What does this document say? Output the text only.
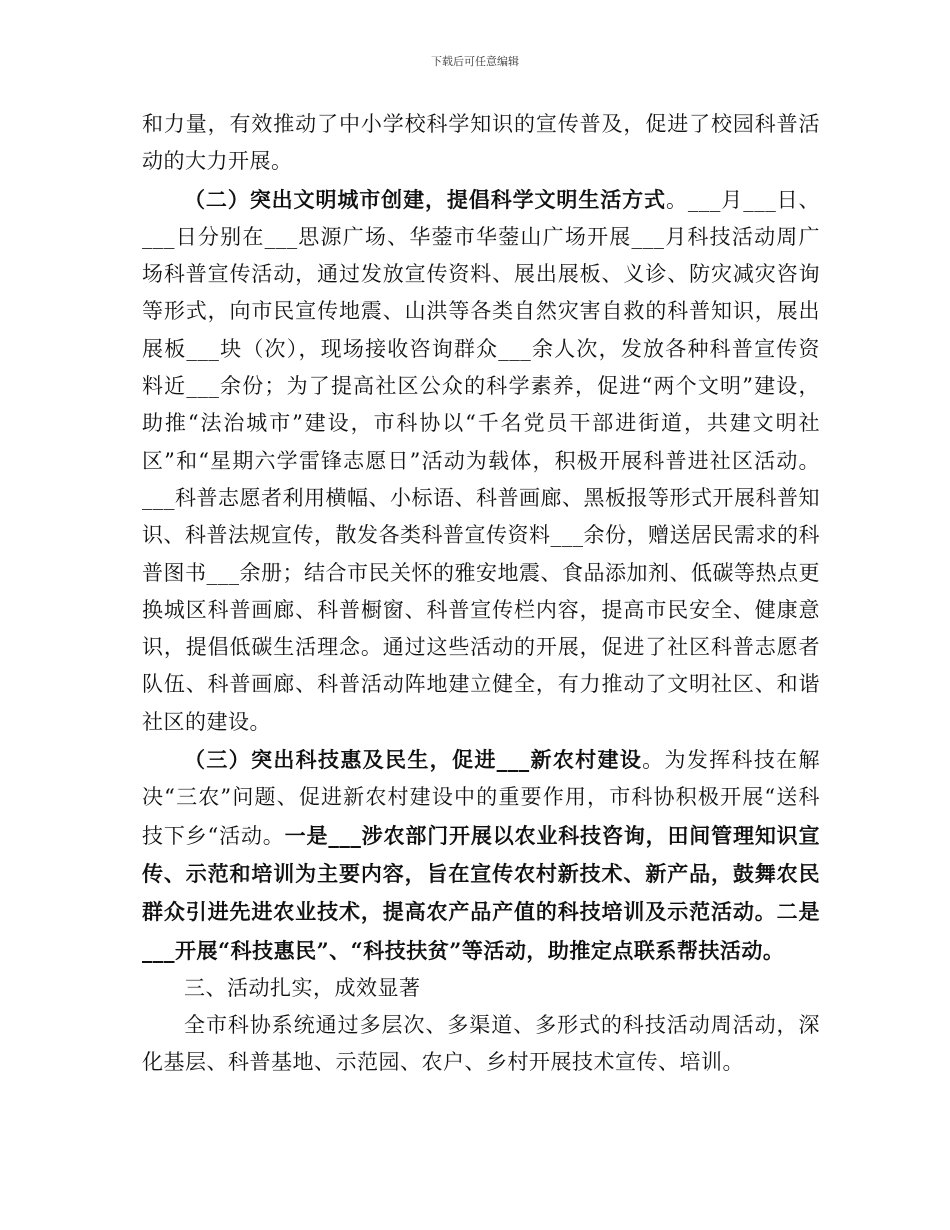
下载后可任意编辑

和力量，有效推动了中小学校科学知识的宣传普及，促进了校园科普活动的大力开展。

（二）突出文明城市创建，提倡科学文明生活方式。___月___日、___日分别在___思源广场、华蓥市华蓥山广场开展___月科技活动周广场科普宣传活动，通过发放宣传资料、展出展板、义诊、防灾减灾咨询等形式，向市民宣传地震、山洪等各类自然灾害自救的科普知识，展出展板___块（次），现场接收咨询群众___余人次，发放各种科普宣传资料近___余份；为了提高社区公众的科学素养，促进“两个文明”建设，助推“法治城市”建设，市科协以“千名党员干部进街道，共建文明社区”和“星期六学雷锋志愿日”活动为载体，积极开展科普进社区活动。___科普志愿者利用横幅、小标语、科普画廊、黑板报等形式开展科普知识、科普法规宣传，散发各类科普宣传资料___余份，赠送居民需求的科普图书___余册；结合市民关怀的雅安地震、食品添加剂、低碳等热点更换城区科普画廊、科普橱窗、科普宣传栏内容，提高市民安全、健康意识，提倡低碳生活理念。通过这些活动的开展，促进了社区科普志愿者队伍、科普画廊、科普活动阵地建立健全，有力推动了文明社区、和谐社区的建设。

（三）突出科技惠及民生，促进___新农村建设。为发挥科技在解决“三农”问题、促进新农村建设中的重要作用，市科协积极开展“送科技下乡“活动。一是___涉农部门开展以农业科技咨询，田间管理知识宣传、示范和培训为主要内容，旨在宣传农村新技术、新产品，鼓舞农民群众引进先进农业技术，提高农产品产值的科技培训及示范活动。二是___开展“科技惠民”、“科技扶贫”等活动，助推定点联系帮扶活动。

三、活动扎实，成效显著

全市科协系统通过多层次、多渠道、多形式的科技活动周活动，深化基层、科普基地、示范园、农户、乡村开展技术宣传、培训。
